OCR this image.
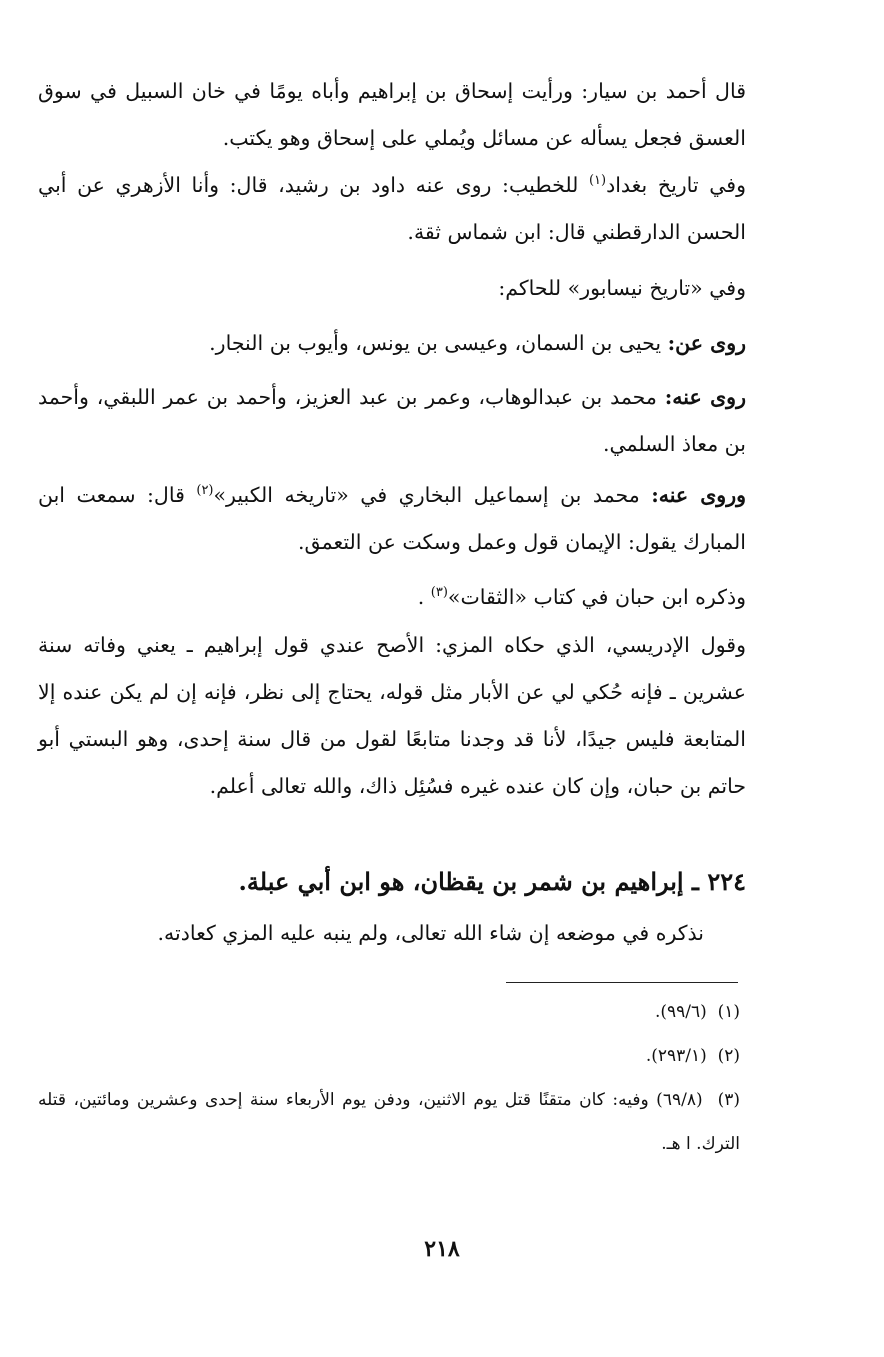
قال أحمد بن سيار: ورأيت إسحاق بن إبراهيم وأباه يومًا في خان السبيل في سوق العسق فجعل يسأله عن مسائل ويُملي على إسحاق وهو يكتب.

وفي تاريخ بغداد$^{(١)}$ للخطيب: روى عنه داود بن رشيد، قال: وأنا الأزهري عن أبي الحسن الدارقطني قال: ابن شماس ثقة.

وفي «تاريخ نيسابور» للحاكم:

روى عن: يحيى بن السمان، وعيسى بن يونس، وأيوب بن النجار.

روى عنه: محمد بن عبدالوهاب، وعمر بن عبد العزيز، وأحمد بن عمر اللبقي، وأحمد بن معاذ السلمي.

وروى عنه: محمد بن إسماعيل البخاري في «تاريخه الكبير»$^{(٢)}$ قال: سمعت ابن المبارك يقول: الإيمان قول وعمل وسكت عن التعمق.

وذكره ابن حبان في كتاب «الثقات»$^{(٣)}$ .

وقول الإدريسي، الذي حكاه المزي: الأصح عندي قول إبراهيم ـ يعني وفاته سنة عشرين ـ فإنه حُكي لي عن الأبار مثل قوله، يحتاج إلى نظر، فإنه إن لم يكن عنده إلا المتابعة فليس جيدًا، لأنا قد وجدنا متابعًا لقول من قال سنة إحدى، وهو البستي أبو حاتم بن حبان، وإن كان عنده غيره فسُئِل ذاك، والله تعالى أعلم.

٢٢٤ ـ إبراهيم بن شمر بن يقظان، هو ابن أبي عبلة.

نذكره في موضعه إن شاء الله تعالى، ولم ينبه عليه المزي كعادته.

(١)  (٩٩/٦).

(٢)  (٢٩٣/١).

(٣)  (٦٩/٨) وفيه: كان متقنًا قتل يوم الاثنين، ودفن يوم الأربعاء سنة إحدى وعشرين ومائتين، قتله الترك. ا هـ.

٢١٨
